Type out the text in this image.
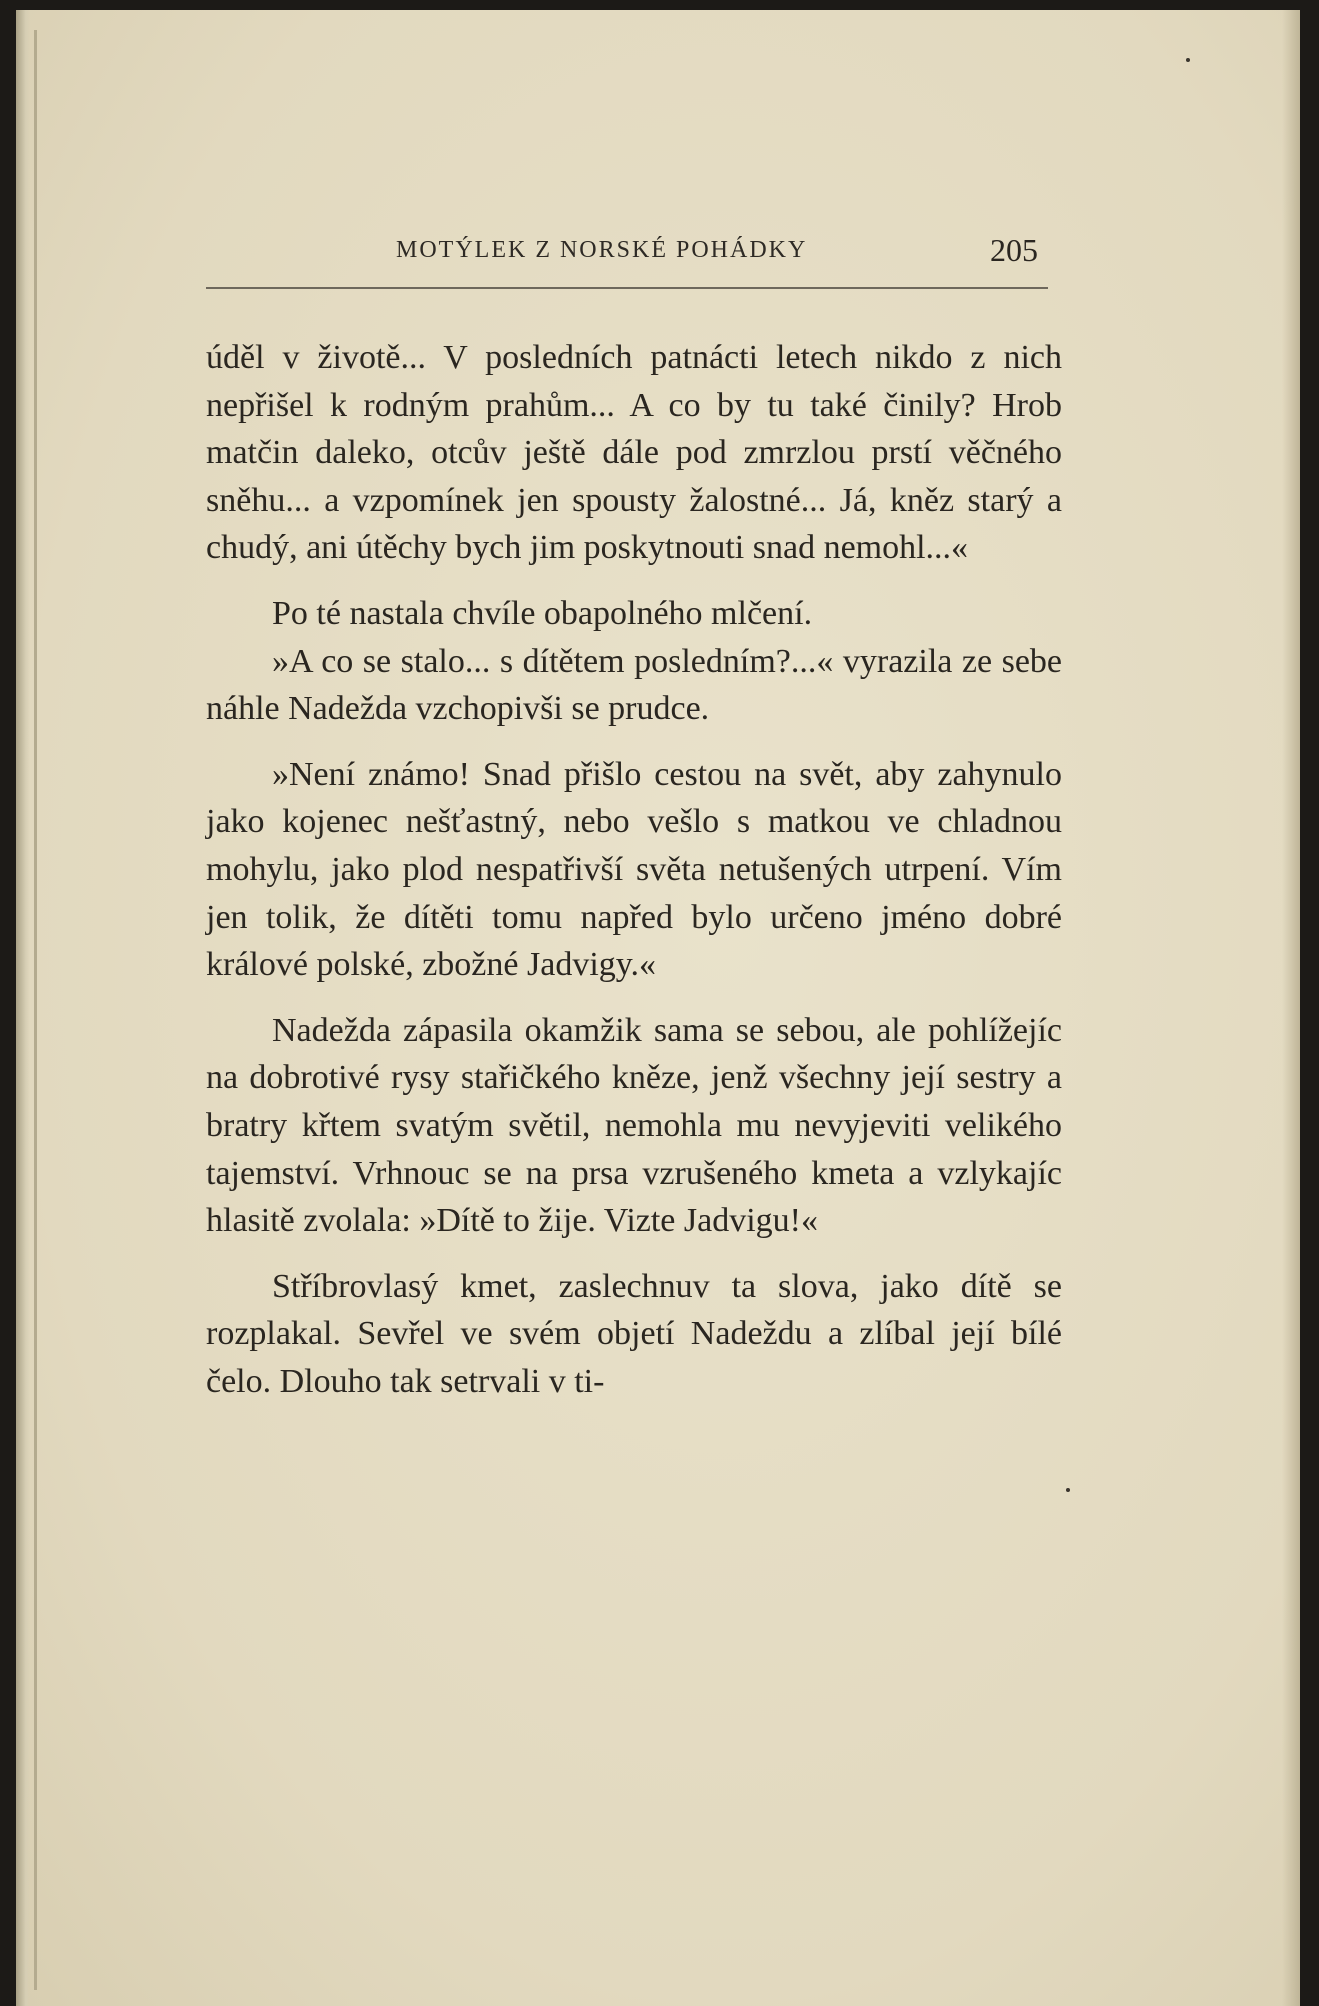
MOTÝLEK Z NORSKÉ POHÁDKY	205

úděl v životě... V posledních patnácti letech nikdo z nich nepřišel k rodným prahům... A co by tu také činily? Hrob matčin daleko, otcův ještě dále pod zmrzlou prstí věčného sněhu... a vzpomínek jen spousty žalostné... Já, kněz starý a chudý, ani útěchy bych jim poskytnouti snad nemohl...«

Po té nastala chvíle obapolného mlčení.

»A co se stalo... s dítětem posledním?...« vyrazila ze sebe náhle Nadežda vzchopivši se prudce.

»Není známo! Snad přišlo cestou na svět, aby zahynulo jako kojenec nešťastný, nebo vešlo s matkou ve chladnou mohylu, jako plod nespatřivší světa netušených utrpení. Vím jen tolik, že dítěti tomu napřed bylo určeno jméno dobré králové polské, zbožné Jadvigy.«

Nadežda zápasila okamžik sama se sebou, ale pohlížejíc na dobrotivé rysy stařičkého kněze, jenž všechny její sestry a bratry křtem svatým světil, nemohla mu nevyjeviti velikého tajemství. Vrhnouc se na prsa vzrušeného kmeta a vzlykajíc hlasitě zvolala: »Dítě to žije. Vizte Jadvigu!«

Stříbrovlasý kmet, zaslechnuv ta slova, jako dítě se rozplakal. Sevřel ve svém objetí Nadeždu a zlíbal její bílé čelo. Dlouho tak setrvali v ti-
